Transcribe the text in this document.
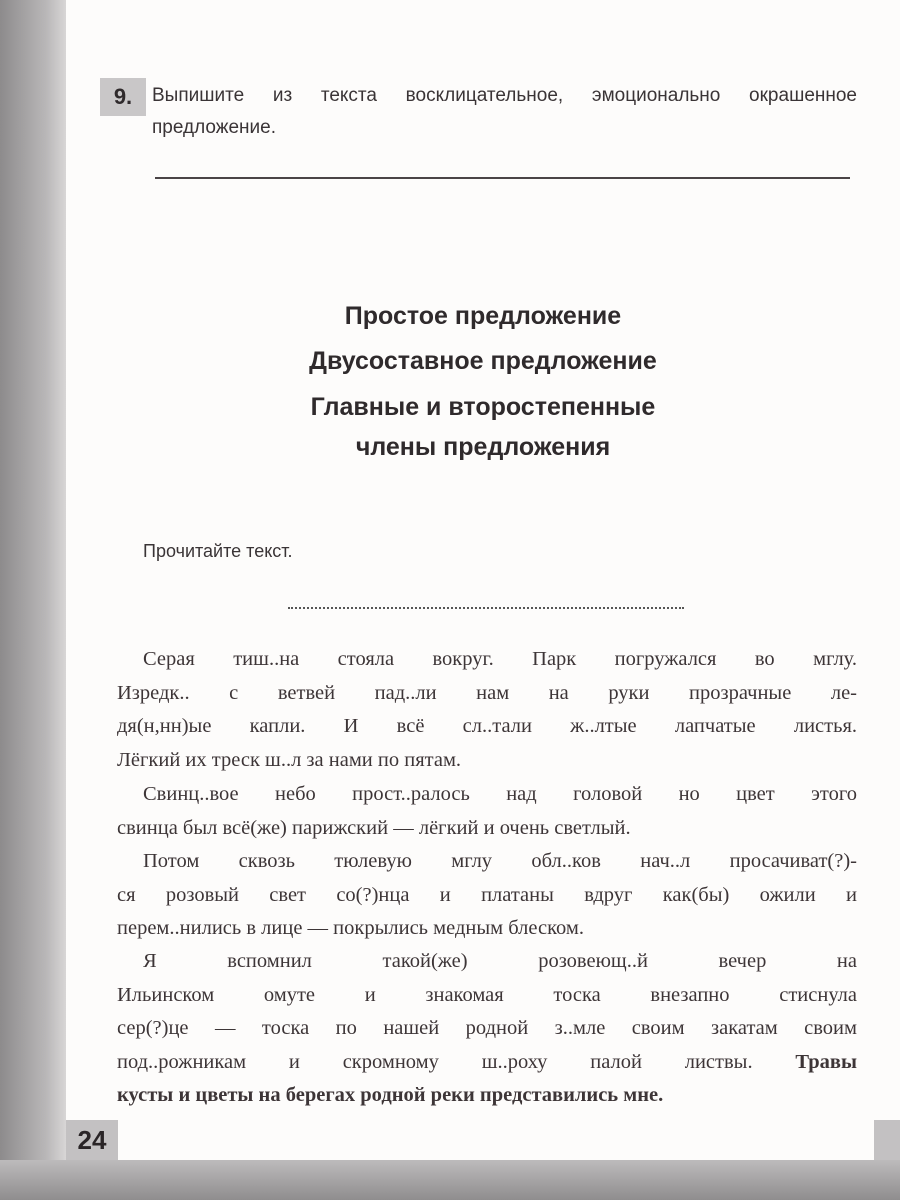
9.	Выпишите из текста восклицательное, эмоционально окрашенное предложение.
Простое предложение
Двусоставное предложение
Главные и второстепенные
члены предложения
Прочитайте текст.
Серая тиш..на стояла вокруг. Парк погружался во мглу.
Изредк.. с ветвей пад..ли нам на руки прозрачные ле-
дя(н,нн)ые капли. И всё сл..тали ж..лтые лапчатые листья.
Лёгкий их треск ш..л за нами по пятам.
Свинц..вое небо прост..ралось над головой но цвет этого
свинца был всё(же) парижский — лёгкий и очень светлый.
Потом сквозь тюлевую мглу обл..ков нач..л просачиват(?)-
ся розовый свет со(?)нца и платаны вдруг как(бы) ожили и
перем..нились в лице — покрылись медным блеском.
Я вспомнил такой(же) розовеющ..й вечер на
Ильинском омуте и знакомая тоска внезапно стиснула
сер(?)це — тоска по нашей родной з..мле своим закатам своим
под..рожникам и скромному ш..роху палой листвы. Травы
кусты и цветы на берегах родной реки представились мне.
24
